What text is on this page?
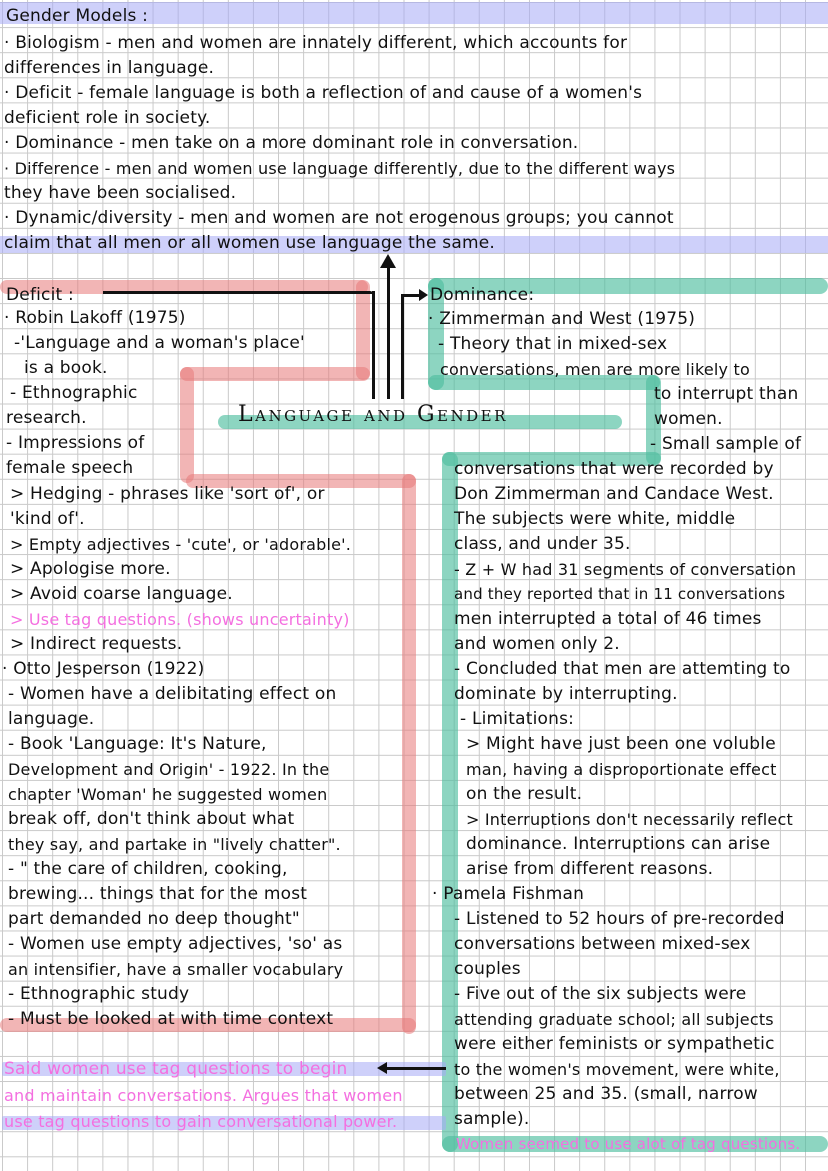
Gender Models :
· Biologism - men and women are innately different, which accounts for
differences in language.
· Deficit - female language is both a reflection of and cause of a women's
deficient role in society.
· Dominance - men take on a more dominant role in conversation.
· Difference - men and women use language differently, due to the different ways
they have been socialised.
· Dynamic/diversity - men and women are not erogenous groups; you cannot
claim that all men or all women use language the same.
Language and Gender
Deficit :
· Robin Lakoff (1975)
-'Language and a woman's place'
is a book.
- Ethnographic
research.
- Impressions of
female speech
> Hedging - phrases like 'sort of', or
'kind of'.
> Empty adjectives - 'cute', or 'adorable'.
> Apologise more.
> Avoid coarse language.
> Use tag questions. (shows uncertainty)
> Indirect requests.
· Otto Jesperson (1922)
- Women have a delibitating effect on
language.
- Book 'Language: It's Nature,
Development and Origin' - 1922. In the
chapter 'Woman' he suggested women
break off, don't think about what
they say, and partake in "lively chatter".
- " the care of children, cooking,
brewing... things that for the most
part demanded no deep thought"
- Women use empty adjectives, 'so' as
an intensifier, have a smaller vocabulary
- Ethnographic study
- Must be looked at with time context
Said women use tag questions to begin
and maintain conversations. Argues that women
use tag questions to gain conversational power.
Dominance:
· Zimmerman and West (1975)
- Theory that in mixed-sex
conversations, men are more likely to
to interrupt than
women.
- Small sample of
conversations that were recorded by
Don Zimmerman and Candace West.
The subjects were white, middle
class, and under 35.
- Z + W had 31 segments of conversation
and they reported that in 11 conversations
men interrupted a total of 46 times
and women only 2.
- Concluded that men are attemting to
dominate by interrupting.
- Limitations:
> Might have just been one voluble
man, having a disproportionate effect
on the result.
> Interruptions don't necessarily reflect
dominance. Interruptions can arise
arise from different reasons.
· Pamela Fishman
- Listened to 52 hours of pre-recorded
conversations between mixed-sex
couples
- Five out of the six subjects were
attending graduate school; all subjects
were either feminists or sympathetic
to the women's movement, were white,
between 25 and 35. (small, narrow
sample).
Women seemed to use alot of tag questions.
